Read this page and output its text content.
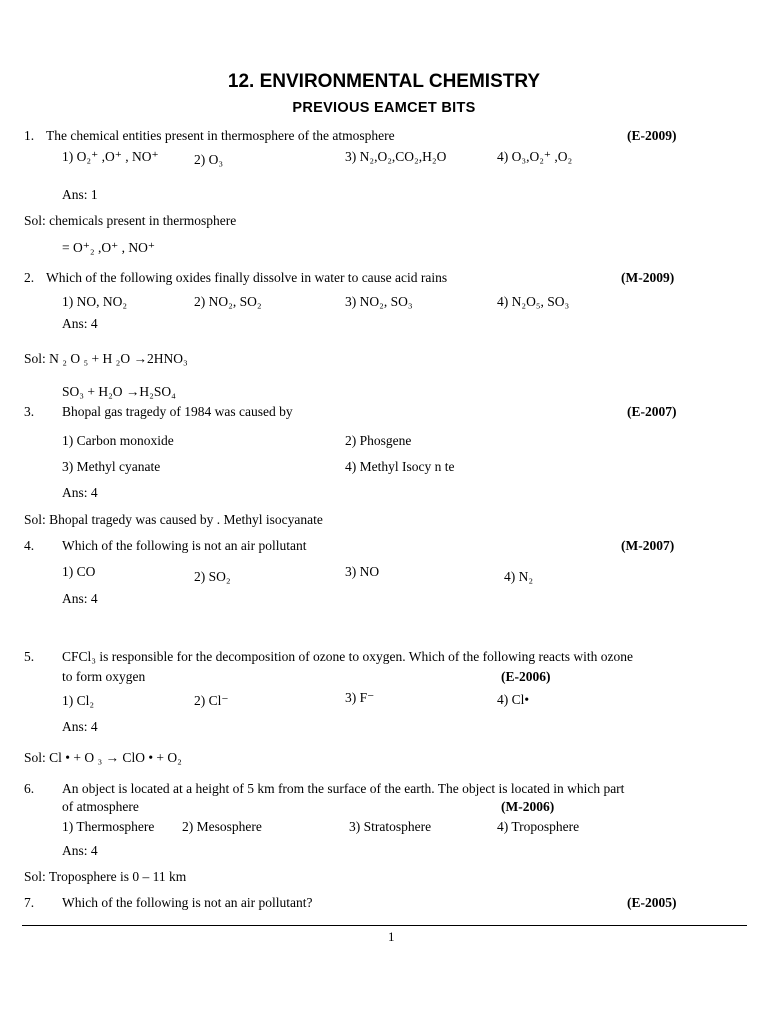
12. ENVIRONMENTAL CHEMISTRY
PREVIOUS EAMCET BITS
1. The chemical entities present in thermosphere of the atmosphere	(E-2009)
1) O₂⁺ ,O⁺ , NO⁺	2) O₃	3) N₂,O₂,CO₂,H₂O	4) O₃,O₂⁺ ,O₂
Ans: 1
Sol: chemicals present in thermosphere
= O⁺₂ ,O⁺ , NO⁺
2. Which of the following oxides finally dissolve in water to cause acid rains	(M-2009)
1) NO, NO₂	2) NO₂, SO₂	3) NO₂, SO₃	4) N₂O₅, SO₃
Ans: 4
Sol: N ₂ O ₅ + H ₂O →2HNO₃
SO₃ + H₂O →H₂SO₄
3. Bhopal gas tragedy of 1984 was caused by	(E-2007)
1) Carbon monoxide	2) Phosgene
3) Methyl cyanate	4) Methyl Isocy n te
Ans: 4
Sol: Bhopal tragedy was caused by . Methyl isocyanate
4. Which of the following is not an air pollutant	(M-2007)
1) CO	2) SO₂	3) NO	4) N₂
Ans: 4
5. CFCl₃ is responsible for the decomposition of ozone to oxygen. Which of the following reacts with ozone
to form oxygen	(E-2006)
1) Cl₂	2) Cl⁻	3) F⁻	4) Cl•
Ans: 4
Sol: Cl • + O ₃ → ClO • + O₂
6. An object is located at a height of 5 km from the surface of the earth. The object is located in which part
of atmosphere	(M-2006)
1) Thermosphere 2) Mesosphere	3) Stratosphere	4) Troposphere
Ans: 4
Sol: Troposphere is 0 – 11 km
7. Which of the following is not an air pollutant?	(E-2005)
1
